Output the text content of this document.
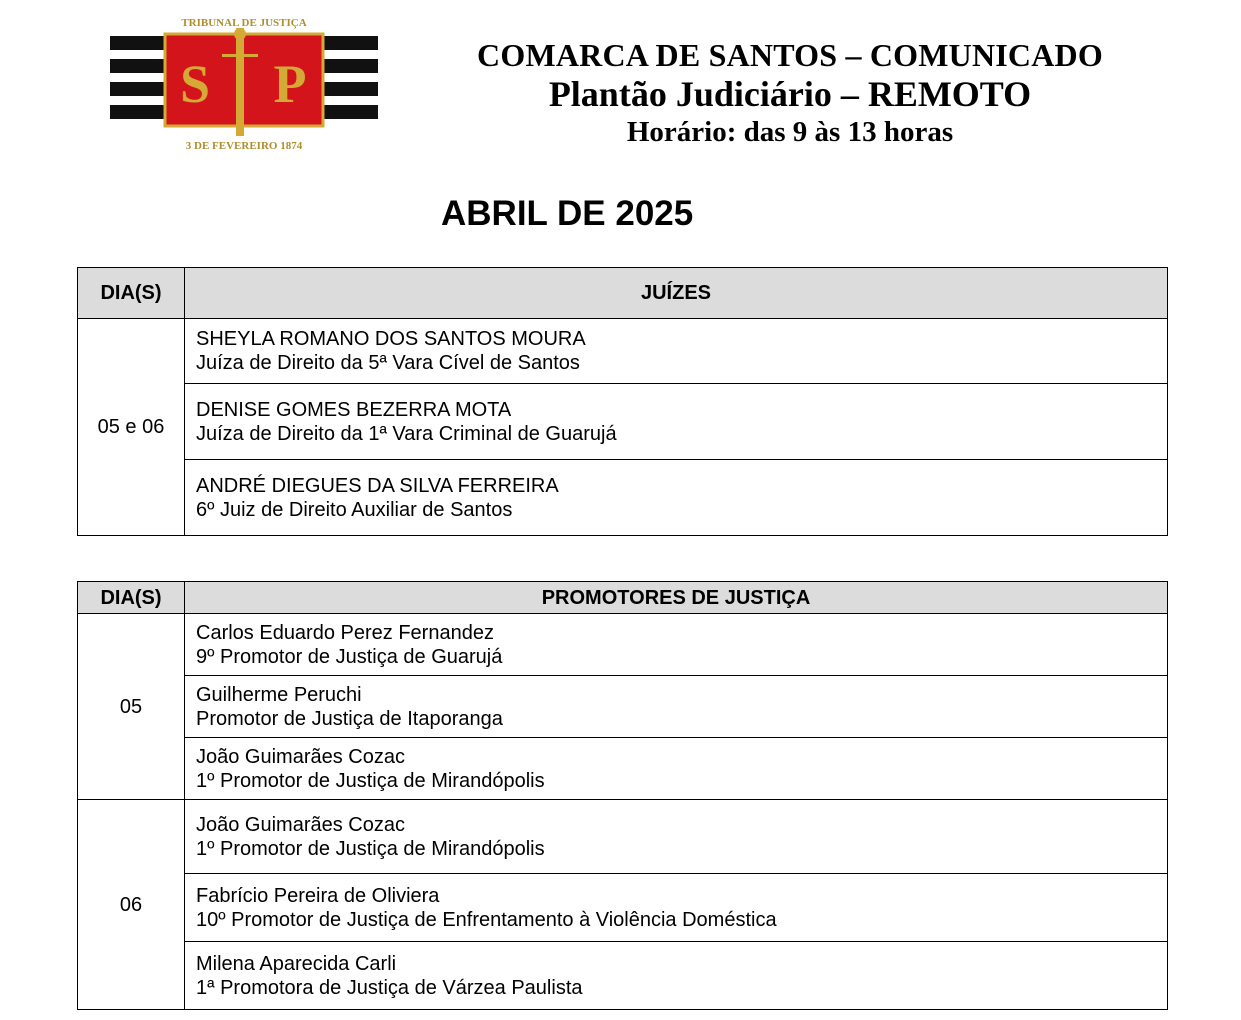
S P
TRIBUNAL DE JUSTIÇA
3 DE FEVEREIRO 1874
COMARCA DE SANTOS – COMUNICADO
Plantão Judiciário – REMOTO
Horário: das 9 às 13 horas
ABRIL DE 2025
DIA(S)	JUÍZES
05 e 06	SHEYLA ROMANO DOS SANTOS MOURA
Juíza de Direito da 5ª Vara Cível de Santos

	DENISE GOMES BEZERRA MOTA
Juíza de Direito da 1ª Vara Criminal de Guarujá

	ANDRÉ DIEGUES DA SILVA FERREIRA
6º Juiz de Direito Auxiliar de Santos
DIA(S)	PROMOTORES DE JUSTIÇA
05	Carlos Eduardo Perez Fernandez
9º Promotor de Justiça de Guarujá

	Guilherme Peruchi
Promotor de Justiça de Itaporanga

	João Guimarães Cozac
1º Promotor de Justiça de Mirandópolis

06	João Guimarães Cozac
1º Promotor de Justiça de Mirandópolis

	Fabrício Pereira de Oliviera
10º Promotor de Justiça de Enfrentamento à Violência Doméstica

	Milena Aparecida Carli
1ª Promotora de Justiça de Várzea Paulista
